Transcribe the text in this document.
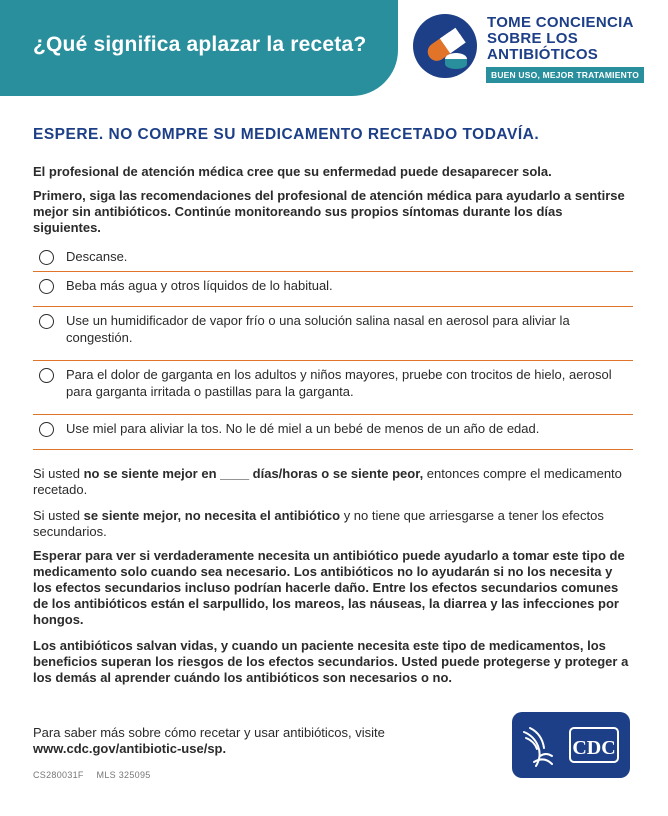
¿Qué significa aplazar la receta?
TOME CONCIENCIA
SOBRE LOS
ANTIBIÓTICOS
BUEN USO, MEJOR TRATAMIENTO
ESPERE. NO COMPRE SU MEDICAMENTO RECETADO TODAVÍA.

El profesional de atención médica cree que su enfermedad puede desaparecer sola.

Primero, siga las recomendaciones del profesional de atención médica para ayudarlo a sentirse mejor sin antibióticos. Continúe monitoreando sus propios síntomas durante los días siguientes.

Descanse.
Beba más agua y otros líquidos de lo habitual.
Use un humidificador de vapor frío o una solución salina nasal en aerosol para aliviar la congestión.
Para el dolor de garganta en los adultos y niños mayores, pruebe con trocitos de hielo, aerosol para garganta irritada o pastillas para la garganta.
Use miel para aliviar la tos. No le dé miel a un bebé de menos de un año de edad.

Si usted no se siente mejor en ____ días/horas o se siente peor, entonces compre el medicamento recetado.

Si usted se siente mejor, no necesita el antibiótico y no tiene que arriesgarse a tener los efectos secundarios.

Esperar para ver si verdaderamente necesita un antibiótico puede ayudarlo a tomar este tipo de medicamento solo cuando sea necesario. Los antibióticos no lo ayudarán si no los necesita y los efectos secundarios incluso podrían hacerle daño. Entre los efectos secundarios comunes de los antibióticos están el sarpullido, los mareos, las náuseas, la diarrea y las infecciones por hongos.

Los antibióticos salvan vidas, y cuando un paciente necesita este tipo de medicamentos, los beneficios superan los riesgos de los efectos secundarios. Usted puede protegerse y proteger a los demás al aprender cuándo los antibióticos son necesarios o no.

Para saber más sobre cómo recetar y usar antibióticos, visite

www.cdc.gov/antibiotic-use/sp.
CS280031F MLS 325095
CDC
